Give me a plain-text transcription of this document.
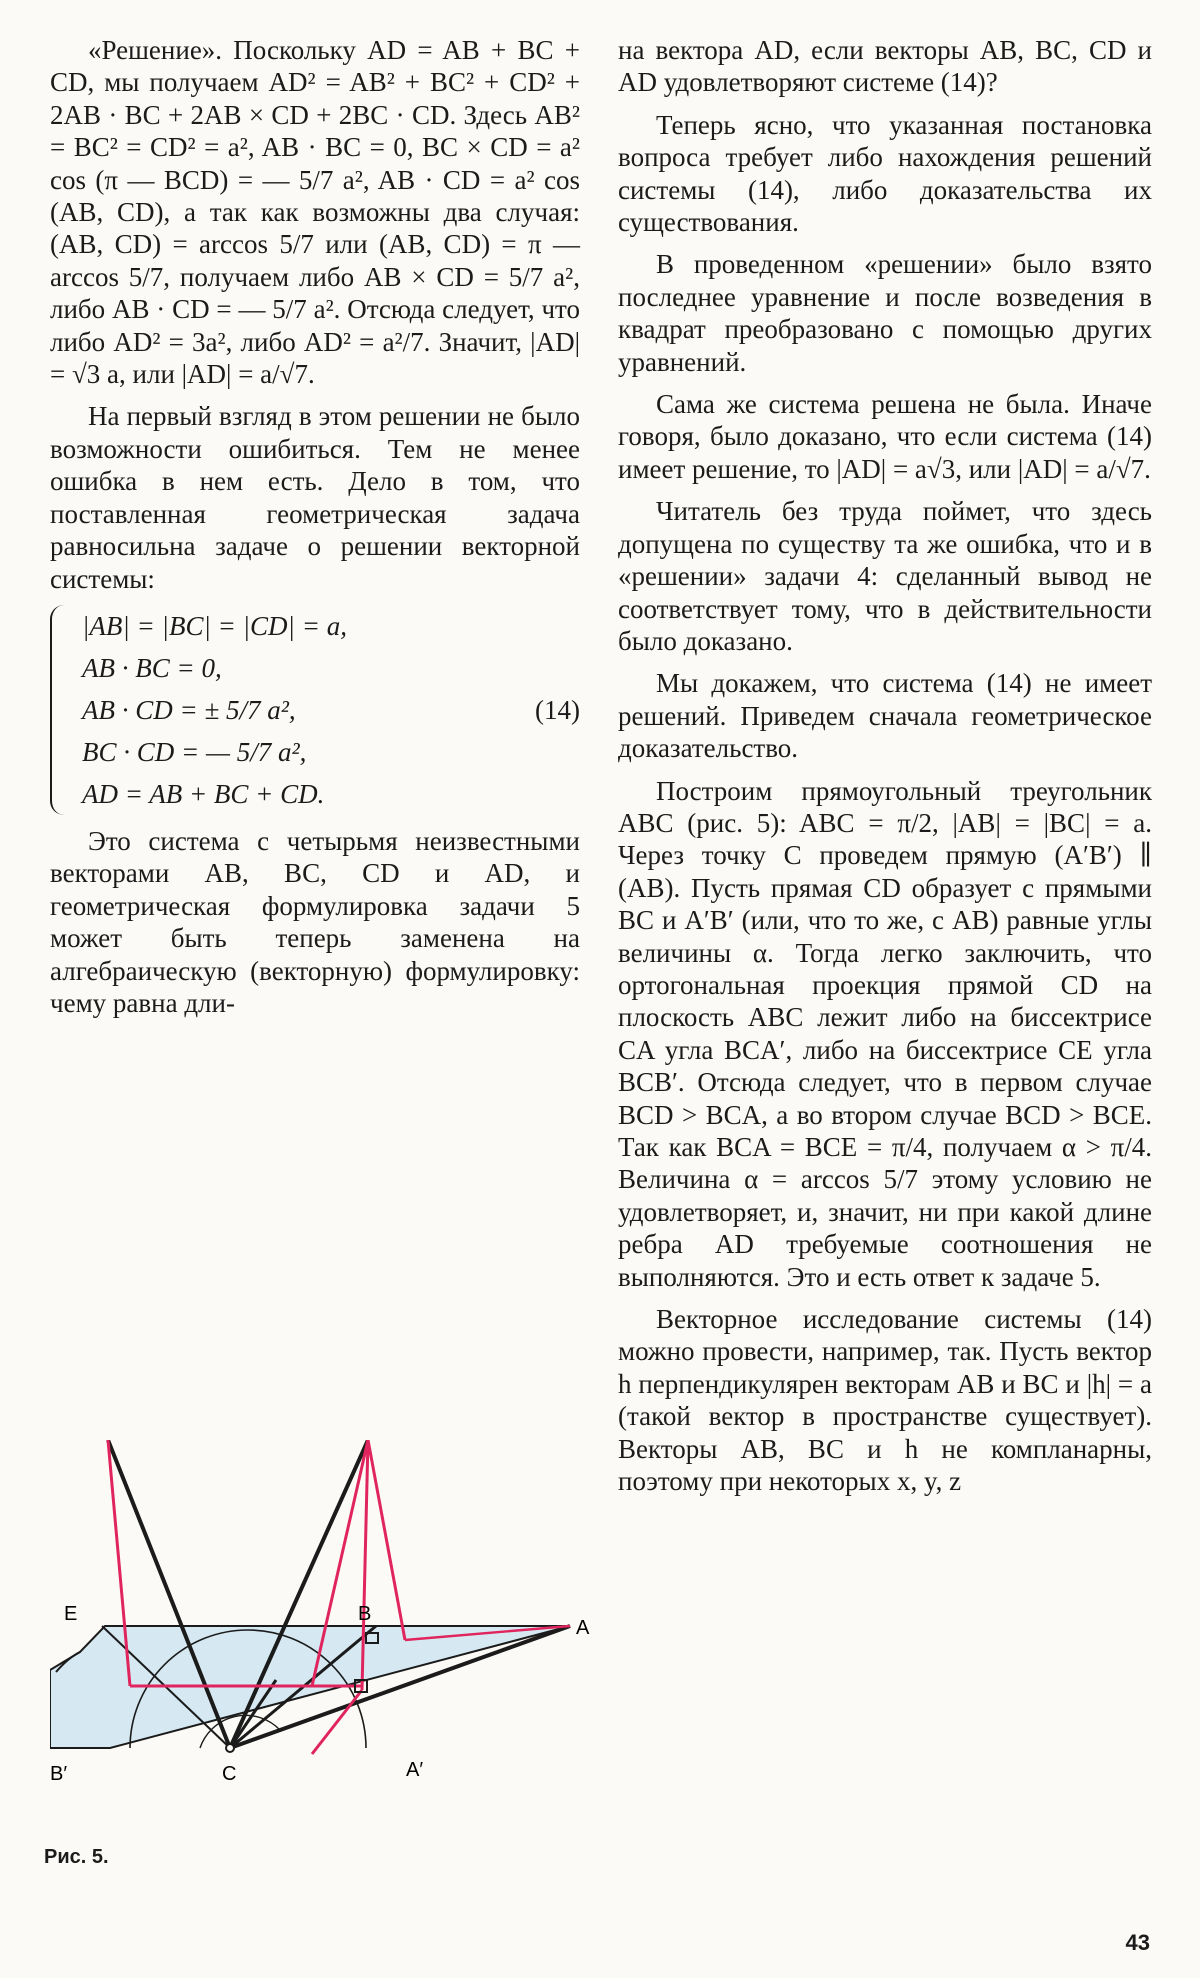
«Решение». Поскольку AD = AB + BC + CD, мы получаем AD² = AB² + BC² + CD² + 2AB · BC + 2AB × CD + 2BC · CD. Здесь AB² = BC² = CD² = a², AB · BC = 0, BC × CD = a² cos (π — BCD) = — 5/7 a², AB · CD = a² cos (AB, CD), а так как возможны два случая: (AB, CD) = arccos 5/7 или (AB, CD) = π — arccos 5/7, получаем либо AB × CD = 5/7 a², либо AB · CD = — 5/7 a². Отсюда следует, что либо AD² = 3a², либо AD² = a²/7. Значит, |AD| = √3 a, или |AD| = a/√7.

На первый взгляд в этом решении не было возможности ошибиться. Тем не менее ошибка в нем есть. Дело в том, что поставленная геометрическая задача равносильна задаче о решении векторной системы:

|AB| = |BC| = |CD| = a,
AB · BC = 0,
AB · CD = ± 5/7 a²,
BC · CD = — 5/7 a²,
AD = AB + BC + CD.
(14)

Это система с четырьмя неизвестными векторами AB, BC, CD и AD, и геометрическая формулировка задачи 5 может быть теперь заменена на алгебраическую (векторную) формулировку: чему равна дли-

на вектора AD, если векторы AB, BC, CD и AD удовлетворяют системе (14)?

Теперь ясно, что указанная постановка вопроса требует либо нахождения решений системы (14), либо доказательства их существования.

В проведенном «решении» было взято последнее уравнение и после возведения в квадрат преобразовано с помощью других уравнений.

Сама же система решена не была. Иначе говоря, было доказано, что если система (14) имеет решение, то |AD| = a√3, или |AD| = a/√7.

Читатель без труда поймет, что здесь допущена по существу та же ошибка, что и в «решении» задачи 4: сделанный вывод не соответствует тому, что в действительности было доказано.

Мы докажем, что система (14) не имеет решений. Приведем сначала геометрическое доказательство.

Построим прямоугольный треугольник ABC (рис. 5): ABC = π/2, |AB| = |BC| = a. Через точку C проведем прямую (A′B′) ∥ (AB). Пусть прямая CD образует с прямыми BC и A′B′ (или, что то же, с AB) равные углы величины α. Тогда легко заключить, что ортогональная проекция прямой CD на плоскость ABC лежит либо на биссектрисе CA угла BCA′, либо на биссектрисе CE угла BCB′. Отсюда следует, что в первом случае BCD > BCA, а во втором случае BCD > BCE. Так как BCA = BCE = π/4, получаем α > π/4. Величина α = arccos 5/7 этому условию не удовлетворяет, и, значит, ни при какой длине ребра AD требуемые соотношения не выполняются. Это и есть ответ к задаче 5.

Векторное исследование системы (14) можно провести, например, так. Пусть вектор h перпендикулярен векторам AB и BC и |h| = a (такой вектор в пространстве существует). Векторы AB, BC и h не компланарны, поэтому при некоторых x, y, z

E	B
A
B′	C	A′
Рис. 5.
43
